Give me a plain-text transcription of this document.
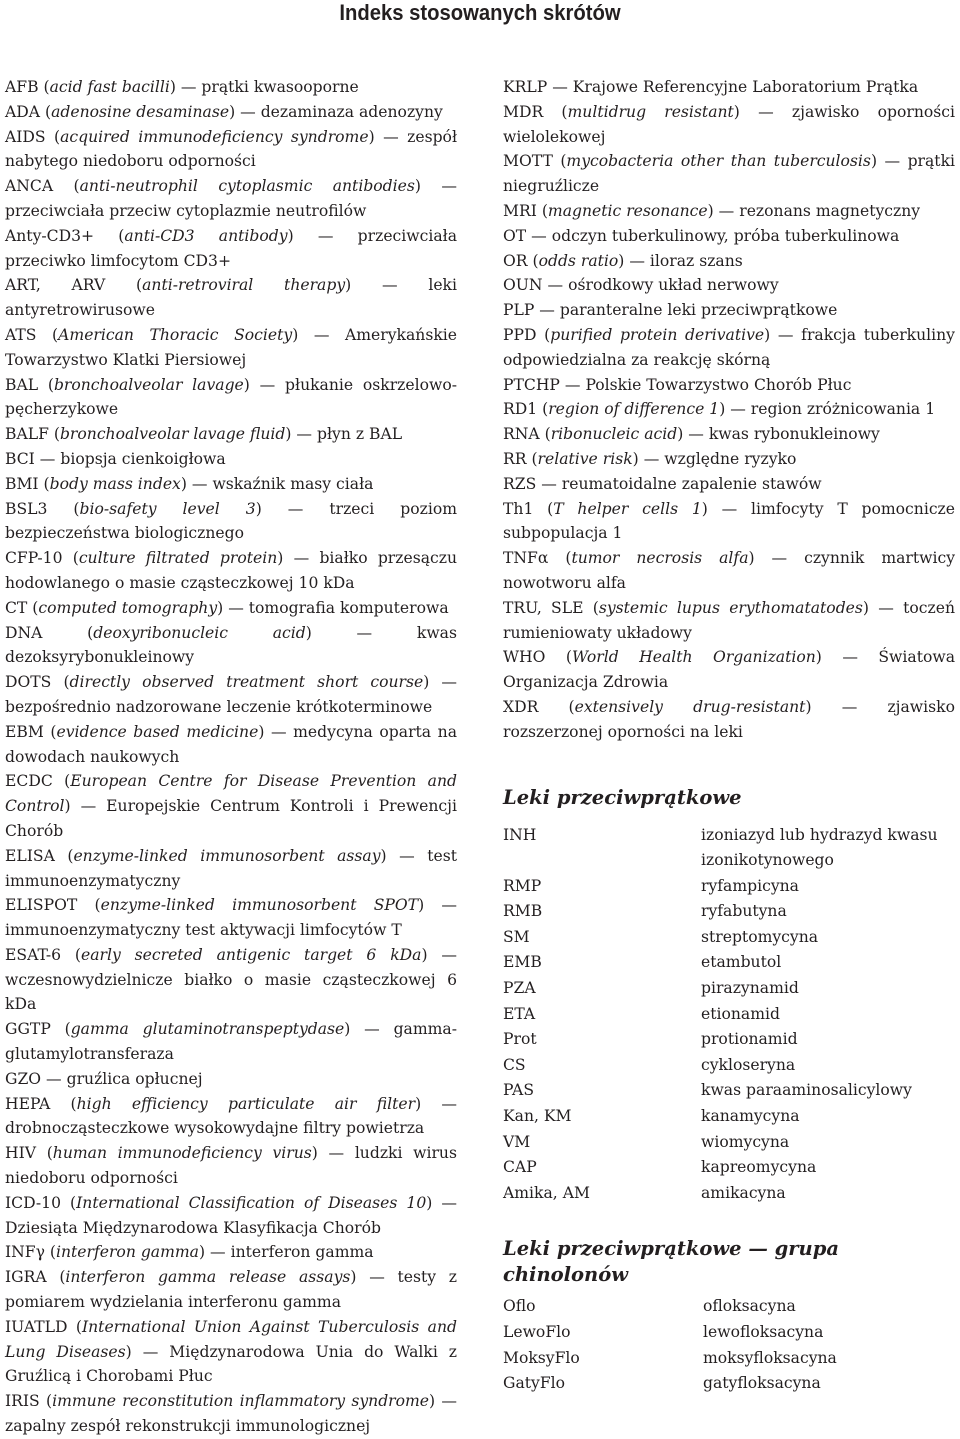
Indeks stosowanych skrótów
AFB (acid fast bacilli) — prątki kwasooporne
ADA (adenosine desaminase) — dezaminaza adenozyny
AIDS (acquired immunodeficiency syndrome) — zespół nabytego niedoboru odporności
ANCA (anti-neutrophil cytoplasmic antibodies) — przeciwciała przeciw cytoplazmie neutrofilów
Anty-CD3+ (anti-CD3 antibody) — przeciwciała przeciwko limfocytom CD3+
ART, ARV (anti-retroviral therapy) — leki antyretrowirusowe
ATS (American Thoracic Society) — Amerykańskie Towarzystwo Klatki Piersiowej
BAL (bronchoalveolar lavage) — płukanie oskrzelowo-pęcherzykowe
BALF (bronchoalveolar lavage fluid) — płyn z BAL
BCI — biopsja cienkoigłowa
BMI (body mass index) — wskaźnik masy ciała
BSL3 (bio-safety level 3) — trzeci poziom bezpieczeństwa biologicznego
CFP-10 (culture filtrated protein) — białko przesączu hodowlanego o masie cząsteczkowej 10 kDa
CT (computed tomography) — tomografia komputerowa
DNA (deoxyribonucleic acid) — kwas dezoksyrybonukleinowy
DOTS (directly observed treatment short course) — bezpośrednio nadzorowane leczenie krótkoterminowe
EBM (evidence based medicine) — medycyna oparta na dowodach naukowych
ECDC (European Centre for Disease Prevention and Control) — Europejskie Centrum Kontroli i Prewencji Chorób
ELISA (enzyme-linked immunosorbent assay) — test immunoenzymatyczny
ELISPOT (enzyme-linked immunosorbent SPOT) — immunoenzymatyczny test aktywacji limfocytów T
ESAT-6 (early secreted antigenic target 6 kDa) — wczesnowydzielnicze białko o masie cząsteczkowej 6 kDa
GGTP (gamma glutaminotranspeptydase) — gamma-glutamylotransferaza
GZO — gruźlica opłucnej
HEPA (high efficiency particulate air filter) — drobnocząsteczkowe wysokowydajne filtry powietrza
HIV (human immunodeficiency virus) — ludzki wirus niedoboru odporności
ICD-10 (International Classification of Diseases 10) — Dziesiąta Międzynarodowa Klasyfikacja Chorób
INFγ (interferon gamma) — interferon gamma
IGRA (interferon gamma release assays) — testy z pomiarem wydzielania interferonu gamma
IUATLD (International Union Against Tuberculosis and Lung Diseases) — Międzynarodowa Unia do Walki z Gruźlicą i Chorobami Płuc
IRIS (immune reconstitution inflammatory syndrome) — zapalny zespół rekonstrukcji immunologicznej
KRLP — Krajowe Referencyjne Laboratorium Prątka
MDR (multidrug resistant) — zjawisko oporności wielolekowej
MOTT (mycobacteria other than tuberculosis) — prątki niegruźlicze
MRI (magnetic resonance) — rezonans magnetyczny
OT — odczyn tuberkulinowy, próba tuberkulinowa
OR (odds ratio) — iloraz szans
OUN — ośrodkowy układ nerwowy
PLP — paranteralne leki przeciwprątkowe
PPD (purified protein derivative) — frakcja tuberkuliny odpowiedzialna za reakcję skórną
PTCHP — Polskie Towarzystwo Chorób Płuc
RD1 (region of difference 1) — region zróżnicowania 1
RNA (ribonucleic acid) — kwas rybonukleinowy
RR (relative risk) — względne ryzyko
RZS — reumatoidalne zapalenie stawów
Th1 (T helper cells 1) — limfocyty T pomocnicze subpopulacja 1
TNFα (tumor necrosis alfa) — czynnik martwicy nowotworu alfa
TRU, SLE (systemic lupus erythomatatodes) — toczeń rumieniowaty układowy
WHO (World Health Organization) — Światowa Organizacja Zdrowia
XDR (extensively drug-resistant) — zjawisko rozszerzonej oporności na leki
Leki przeciwprątkowe
INH	izoniazyd lub hydrazyd kwasu izonikotynowego
RMP	ryfampicyna
RMB	ryfabutyna
SM	streptomycyna
EMB	etambutol
PZA	pirazynamid
ETA	etionamid
Prot	protionamid
CS	cykloseryna
PAS	kwas paraaminosalicylowy
Kan, KM	kanamycyna
VM	wiomycyna
CAP	kapreomycyna
Amika, AM	amikacyna
Leki przeciwprątkowe — grupa chinolonów
Oflo	ofloksacyna
LewoFlo	lewofloksacyna
MoksyFlo	moksyfloksacyna
GatyFlo	gatyfloksacyna
